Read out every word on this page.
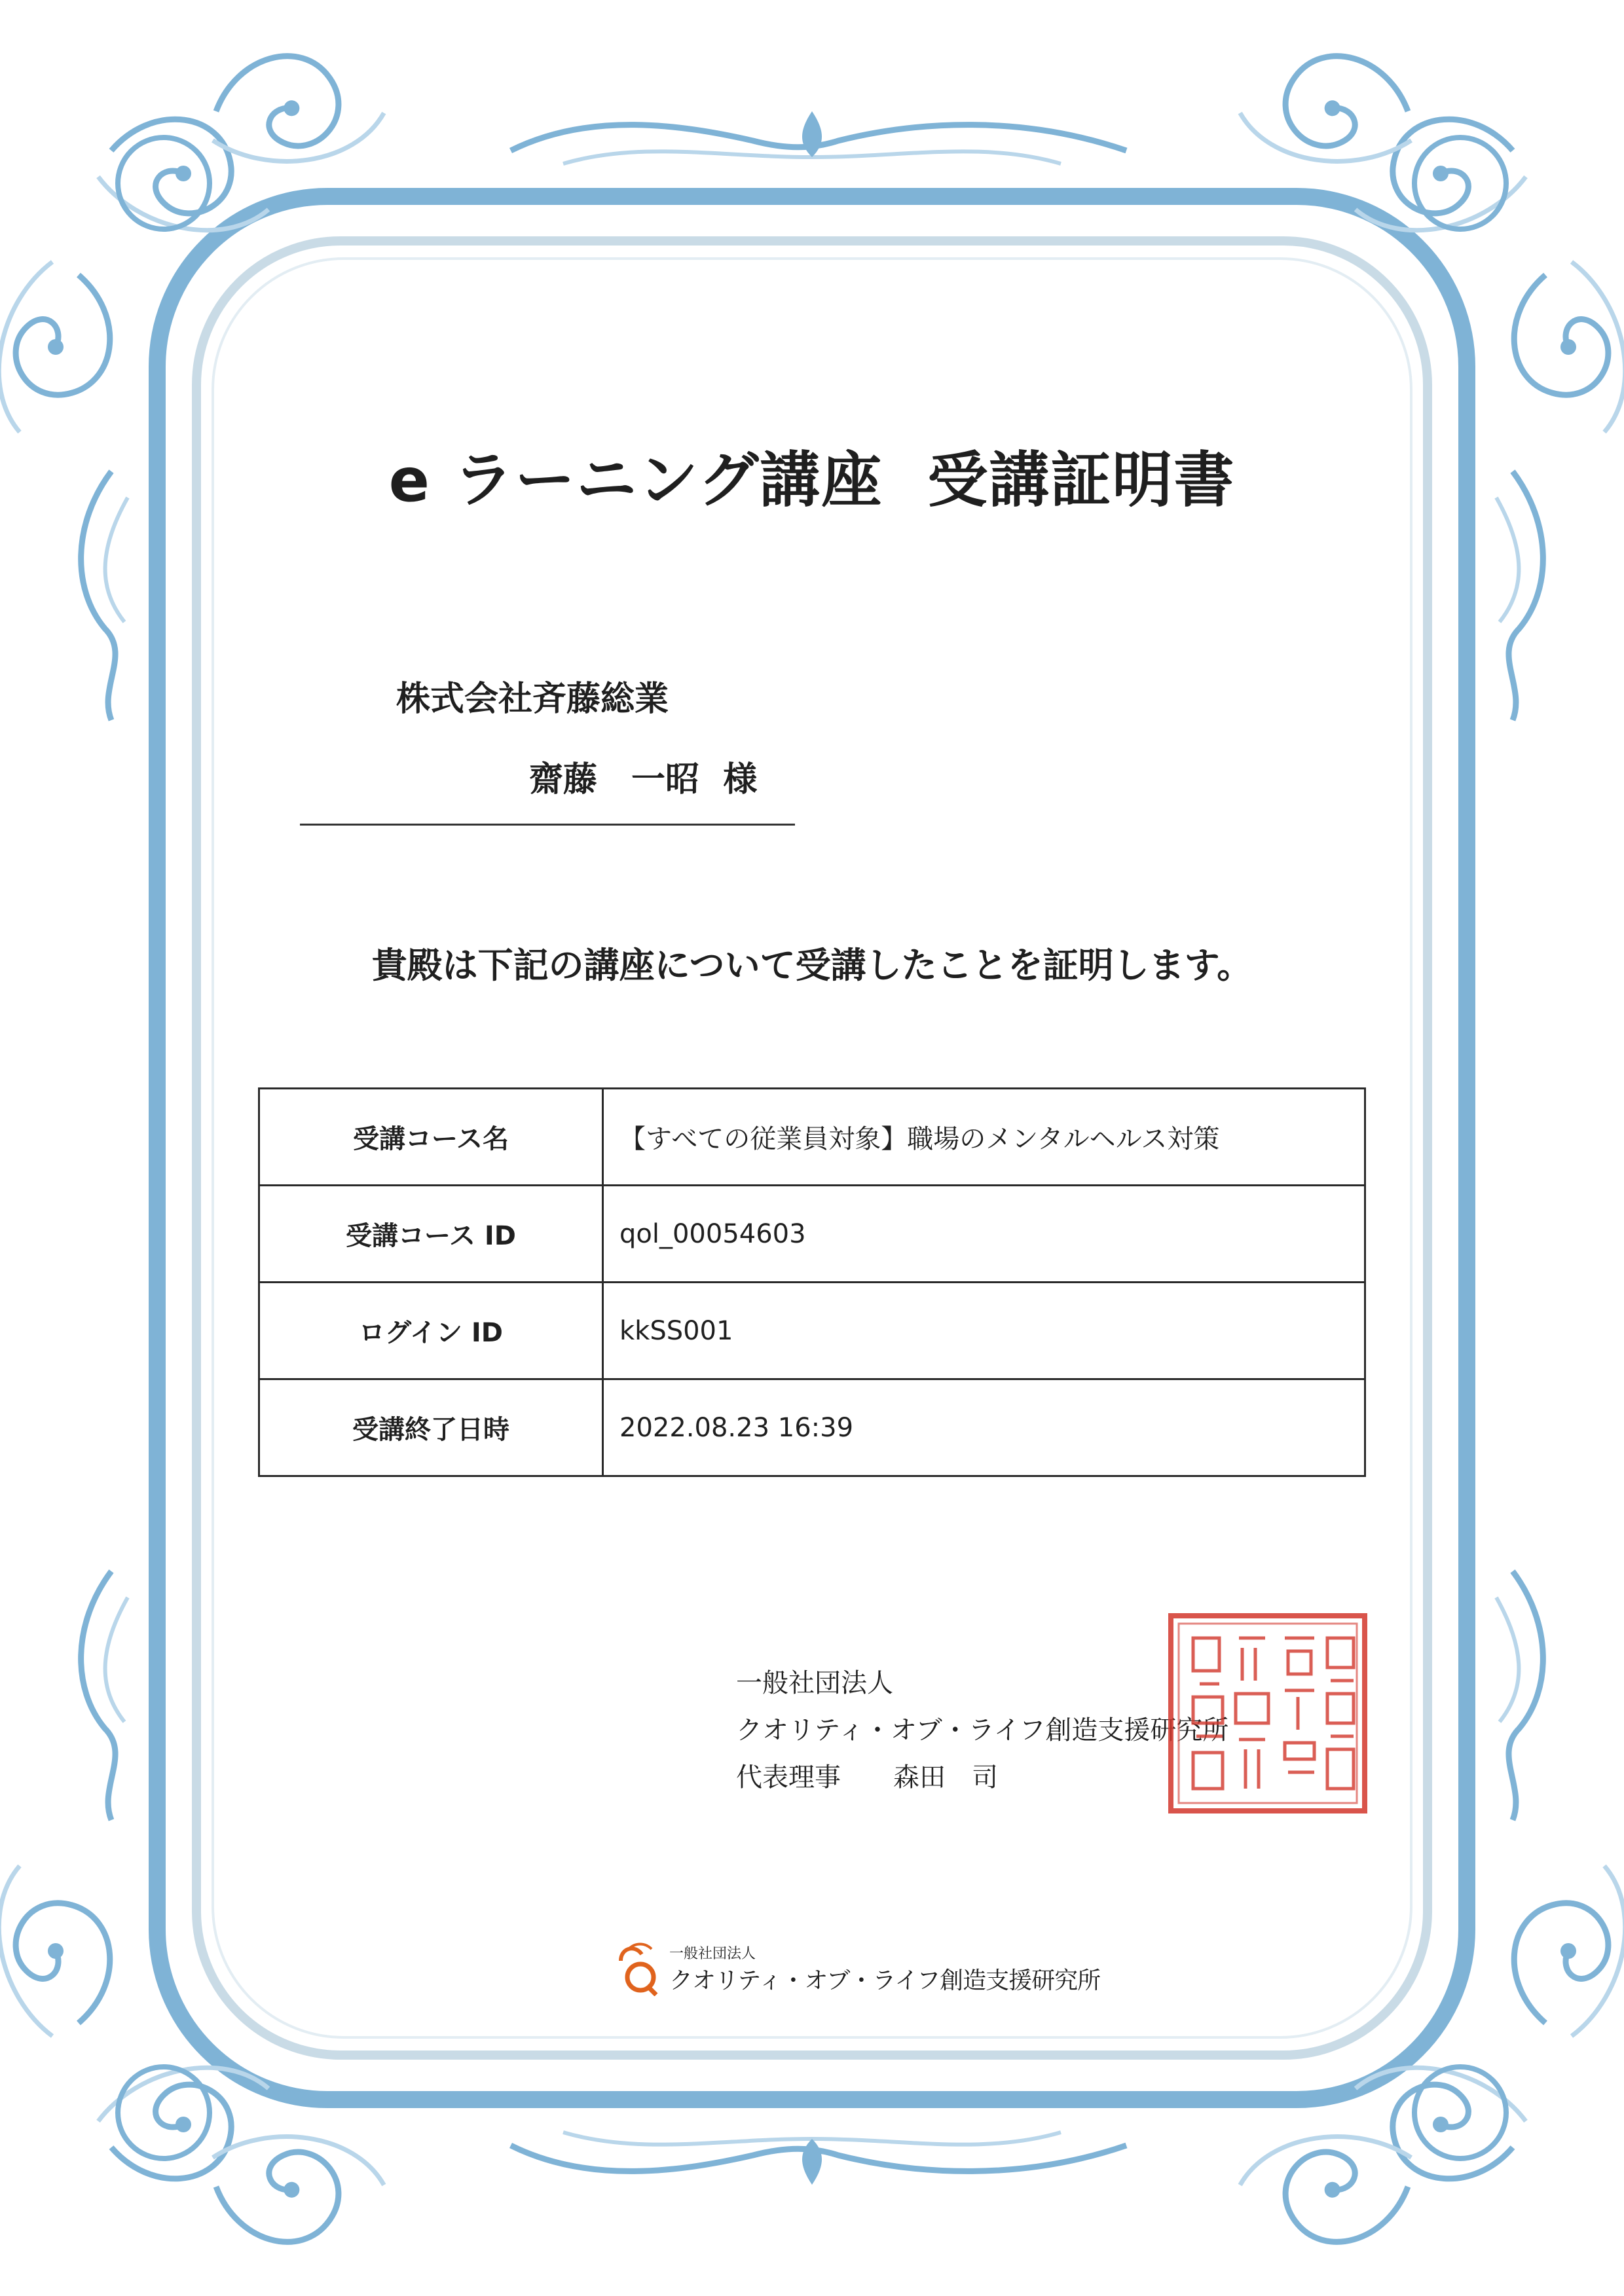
e ラーニング講座  受講証明書
株式会社斉藤総業
齋藤　一昭  様
貴殿は下記の講座について受講したことを証明します。
受講コース名	【すべての従業員対象】職場のメンタルヘルス対策
受講コース ID	qol_00054603
ログイン ID	kkSS001
受講終了日時	2022.08.23 16:39
一般社団法人
クオリティ・オブ・ライフ創造支援研究所
代表理事　　森田　司
一般社団法人
クオリティ・オブ・ライフ創造支援研究所
